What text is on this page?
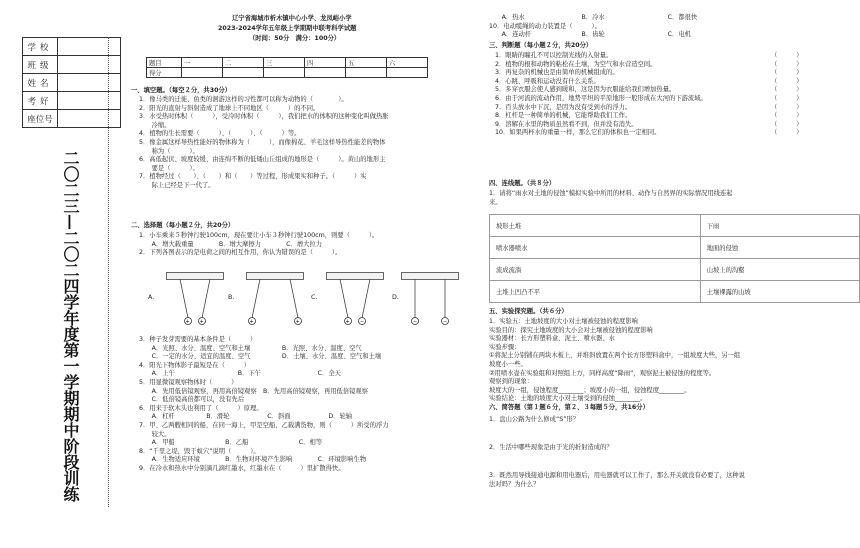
学校	
班级	
姓名	
考好	
座位号	
二〇二三—二〇二四学年度第一学期期中阶段训练
辽宁省海城市析木镇中心小学、龙凤峪小学
2023-2024学年五年级上学期期中联考科学试题
（时间：50分　满分：100分）
题目	一	二	三	四	五	六
得分						
一、填空题。（每空２分，共30分）
1．像马类的迁徙、鱼类的洄游这样的习性都可以称为动物的（　　　　）。
2．阳光的直射与斜射造成了地球上不同地区（　　　）的不同。
3．水受热时体积（　　　），受冷时体积（　　　），我们把水的体积的这种变化叫做热胀
　　冷缩。
4．植物的生长需要（　　　）、（　　　）、（　　　）等。
5．像金属这样导热性能好的物体称为（　　　），而像棉花、羊毛这样导热性能差的物体
　　称为（　　　）。
6．高低起伏、坡度较缓、由连绵不断的低矮山丘组成的地形是（　　　）。黄山的地形主
　　要是（　　　）。
7．植物经过（　　）、（　　）和（　　）等过程，形成果实和种子。（　　　）实
　　际上已经是下一代了。
二、选择题（每小题２分，共20分）
1．小车乘来５秒钟行驶100cm，现在要让小车３秒钟行驶100cm，则要（　　　）。
　　A．增大载重量　　　　B．增大摩擦力　　　　C．增大拉力
2．下列各图表示的是电荷之间的相互作用，你认为错误的是（　　　）。
+ +
A.
+	+
B.
+ −
C.
−	−
D.
3．种子发芽需要的基本条件是（　　　）
　　A．光照、水分、温度、空气和土壤　　　　　B．光照、水分、温度、空气
　　C．一定的水分、适宜的温度、空气　　　　　D．土壤、水分、温度、空气和土壤
4．阳光下物体影子最短是在（　　　）
　　A．上午　　　　　　　　　　B．下午　　　　　　　　　C．全天
5．用显微镜观察物体时（　　　）
　　A．先用低倍镜观察，再用高倍镜观察　B．先用高倍镜观察，再用低倍镜观察
　　C．低倍镜高倍都可以，没有先后
6．用来于软木头也利用了（　　　）原理。
　　A．杠杆　　　　　B．滑轮　　　　　　C．斜面　　　　　　D．轮轴
7．甲、乙两艘相同的船，在同一海上，甲是空船，乙载满货物，则（　　　）所受的浮力
　　较大。
　　A．甲船　　　　　　　　B．乙船　　　　　　　　C．相等
8．“千里之堤，毁于蚁穴”说明（　　　）。
　　A．生物适应环境　　　　B．生物对环境产生影响　　　　C．环境影响生物
9．在冷水和热水中分别滴几滴红墨水，红墨水在（　　　）里扩散得快。
　　A．热水　　　　　　　　　B．冷水　　　　　　　　　　C．都很快
10．电动缆绳的动力装置是（　　　）。
　　A．连动杆　　　　　　　　B．齿轮　　　　　　　　　　C．电机
三、判断题（每小题２分，共20分）
1．眼睛的瞳孔不可以控制光线的入射量。	（　　　）
2．植物的根和动物的粘松在土壤，为空气和水营造空间。	（　　　）
3．再复杂的机械也是由简单的机械组成的。	（　　　）
4．心跳、呼吸和运动没有什么关系。	（　　　）
5．多穿衣服会使人感到暖和，这是因为衣服能给我们增加热量。	（　　　）
6．由于河流的流动作用，地势平坦的平原地形一般形成在大河的下游流域。	（　　　）
7．百头放水中下沉，是因为没有受到水的浮力。	（　　　）
8．杠杆是一种简单的机械，它能帮助我们工作。	（　　　）
9．溶解在水里的物质虽然看不到，但并没有消失。	（　　　）
10．如果两杯水的重量一样，那么它们的体积也一定相同。	（　　　）
四、连线题。（共８分）
1．请将“雨水对土地的侵蚀”模拟实验中所用的材料、动作与自然界的实际情况用线连起
来。
坡形土堆	下雨
喷水器喷水	地面的侵蚀
流成流淌	山坡上的沟壑
土堆上凹凸不平	土壤裸露的山坡
五、实验探究题。（共６分）
1．实验五：土地坡度的大小对土壤被侵蚀的程度影响
实验目的：探究土地坡度的大小会对土壤被侵蚀的程度影响
实验器材：长方形塑料盒、泥土、喷水器、水
实验步骤：
①将泥土分别铺在两块木板上，并堆斜放置在两个长方形塑料盒中，一组坡度大些，另一组
坡度小一些。
②用喷水壶在实验组和对照组上方，同样高度“降雨”，观察泥土被侵蚀的程度等。
观察到的现象：
坡度大的一组，侵蚀程度________；坡度小的一组，侵蚀程度________。
实验结论：土地的坡度大小对土壤受到的侵蚀________。
六、简答题（第１题６分，第２、３每题５分，共16分）
1．盘山公路为什么修成“S”形？
2．生活中哪些现象是由于光的折射造成的？
3．既然用导线接通电源和用电器后，用电器就可以工作了，那么开关就没有必要了，这种说
法对吗？为什么？
